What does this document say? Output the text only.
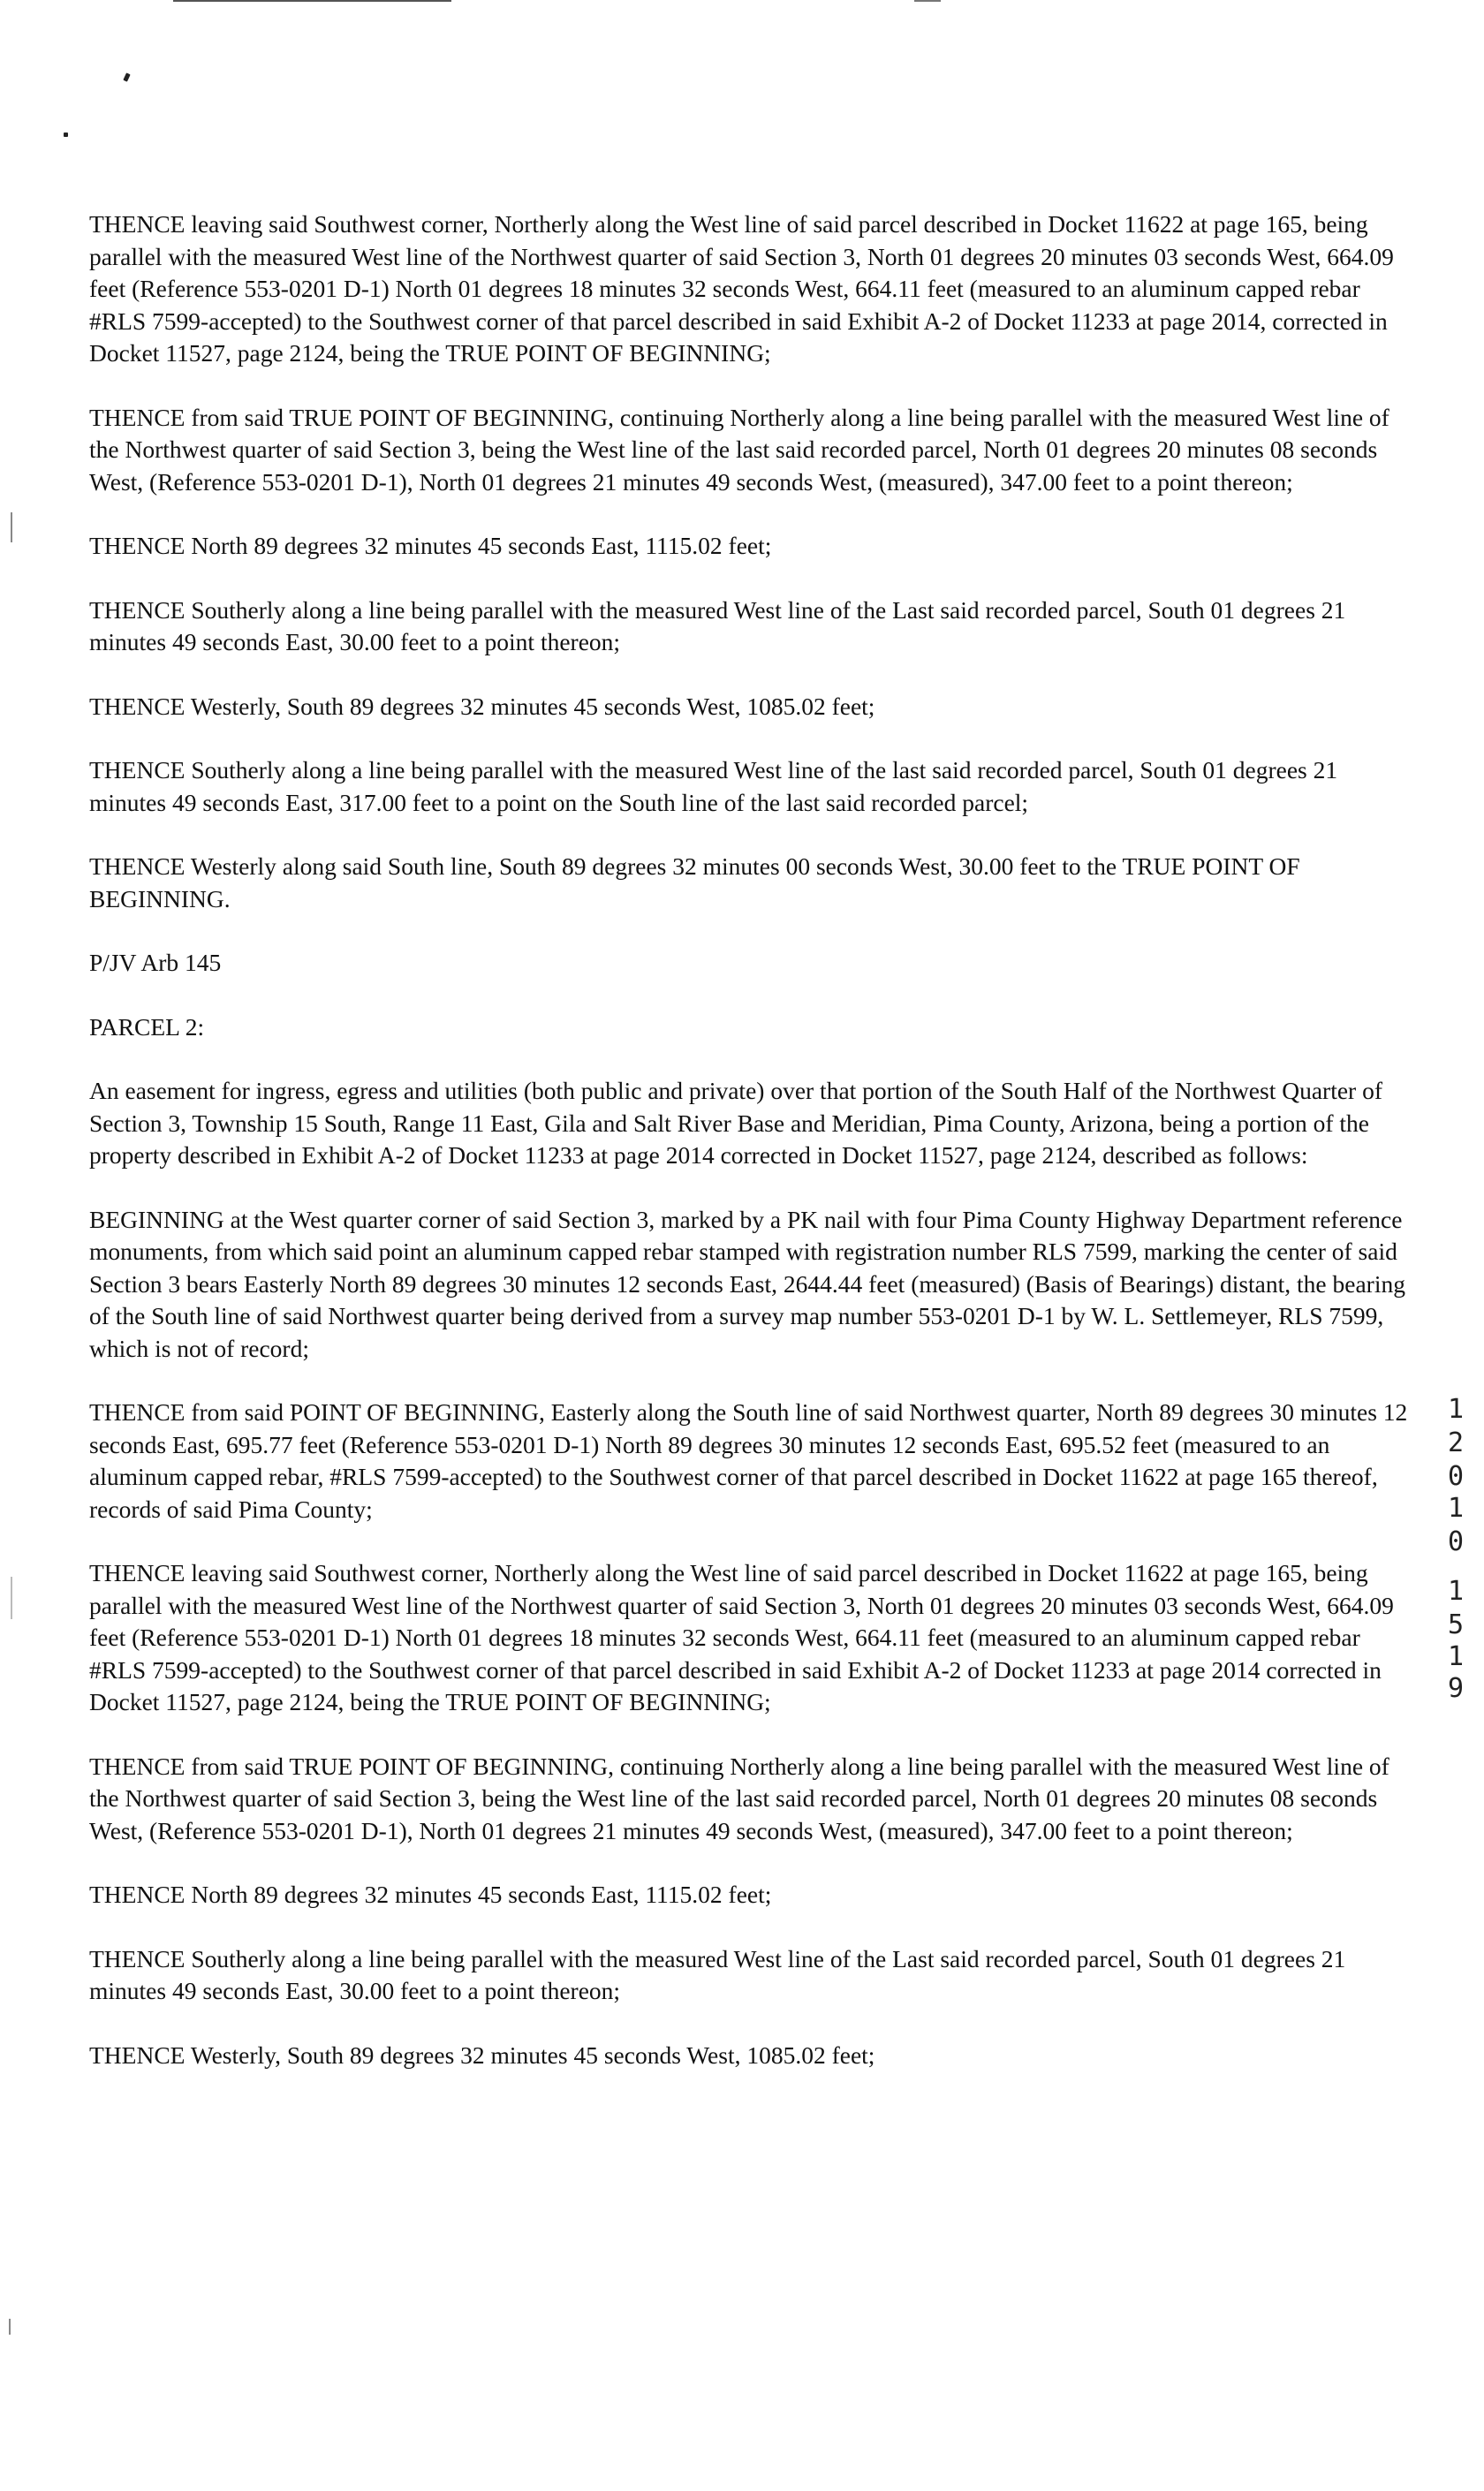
THENCE leaving said Southwest corner, Northerly along the West line of said parcel described in Docket 11622 at page 165, being parallel with the measured West line of the Northwest quarter of said Section 3, North 01 degrees 20 minutes 03 seconds West, 664.09 feet (Reference 553-0201 D-1) North 01 degrees 18 minutes 32 seconds West, 664.11 feet (measured to an aluminum capped rebar #RLS 7599-accepted) to the Southwest corner of that parcel described in said Exhibit A-2 of Docket 11233 at page 2014, corrected in Docket 11527, page 2124, being the TRUE POINT OF BEGINNING;

THENCE from said TRUE POINT OF BEGINNING, continuing Northerly along a line being parallel with the measured West line of the Northwest quarter of said Section 3, being the West line of the last said recorded parcel, North 01 degrees 20 minutes 08 seconds West, (Reference 553-0201 D-1), North 01 degrees 21 minutes 49 seconds West, (measured), 347.00 feet to a point thereon;

THENCE North 89 degrees 32 minutes 45 seconds East, 1115.02 feet;

THENCE Southerly along a line being parallel with the measured West line of the Last said recorded parcel, South 01 degrees 21 minutes 49 seconds East, 30.00 feet to a point thereon;

THENCE Westerly, South 89 degrees 32 minutes 45 seconds West, 1085.02 feet;

THENCE Southerly along a line being parallel with the measured West line of the last said recorded parcel, South 01 degrees 21 minutes 49 seconds East, 317.00 feet to a point on the South line of the last said recorded parcel;

THENCE Westerly along said South line, South 89 degrees 32 minutes 00 seconds West, 30.00 feet to the TRUE POINT OF BEGINNING.

P/JV Arb 145

PARCEL 2:

An easement for ingress, egress and utilities (both public and private) over that portion of the South Half of the Northwest Quarter of Section 3, Township 15 South, Range 11 East, Gila and Salt River Base and Meridian, Pima County, Arizona, being a portion of the property described in Exhibit A-2 of Docket 11233 at page 2014 corrected in Docket 11527, page 2124, described as follows:

BEGINNING at the West quarter corner of said Section 3, marked by a PK nail with four Pima County Highway Department reference monuments, from which said point an aluminum capped rebar stamped with registration number RLS 7599, marking the center of said Section 3 bears Easterly North 89 degrees 30 minutes 12 seconds East, 2644.44 feet (measured) (Basis of Bearings) distant, the bearing of the South line of said Northwest quarter being derived from a survey map number 553-0201 D-1 by W. L. Settlemeyer, RLS 7599, which is not of record;

THENCE from said POINT OF BEGINNING, Easterly along the South line of said Northwest quarter, North 89 degrees 30 minutes 12 seconds East, 695.77 feet (Reference 553-0201 D-1) North 89 degrees 30 minutes 12 seconds East, 695.52 feet (measured to an aluminum capped rebar, #RLS 7599-accepted) to the Southwest corner of that parcel described in Docket 11622 at page 165 thereof, records of said Pima County;

THENCE leaving said Southwest corner, Northerly along the West line of said parcel described in Docket 11622 at page 165, being parallel with the measured West line of the Northwest quarter of said Section 3, North 01 degrees 20 minutes 03 seconds West, 664.09 feet (Reference 553-0201 D-1) North 01 degrees 18 minutes 32 seconds West, 664.11 feet (measured to an aluminum capped rebar #RLS 7599-accepted) to the Southwest corner of that parcel described in said Exhibit A-2 of Docket 11233 at page 2014 corrected in Docket 11527, page 2124, being the TRUE POINT OF BEGINNING;

THENCE from said TRUE POINT OF BEGINNING, continuing Northerly along a line being parallel with the measured West line of the Northwest quarter of said Section 3, being the West line of the last said recorded parcel, North 01 degrees 20 minutes 08 seconds West, (Reference 553-0201 D-1), North 01 degrees 21 minutes 49 seconds West, (measured), 347.00 feet to a point thereon;

THENCE North 89 degrees 32 minutes 45 seconds East, 1115.02 feet;

THENCE Southerly along a line being parallel with the measured West line of the Last said recorded parcel, South 01 degrees 21 minutes 49 seconds East, 30.00 feet to a point thereon;

THENCE Westerly, South 89 degrees 32 minutes 45 seconds West, 1085.02 feet;

1
2
0
1
0
1
5
1
9
